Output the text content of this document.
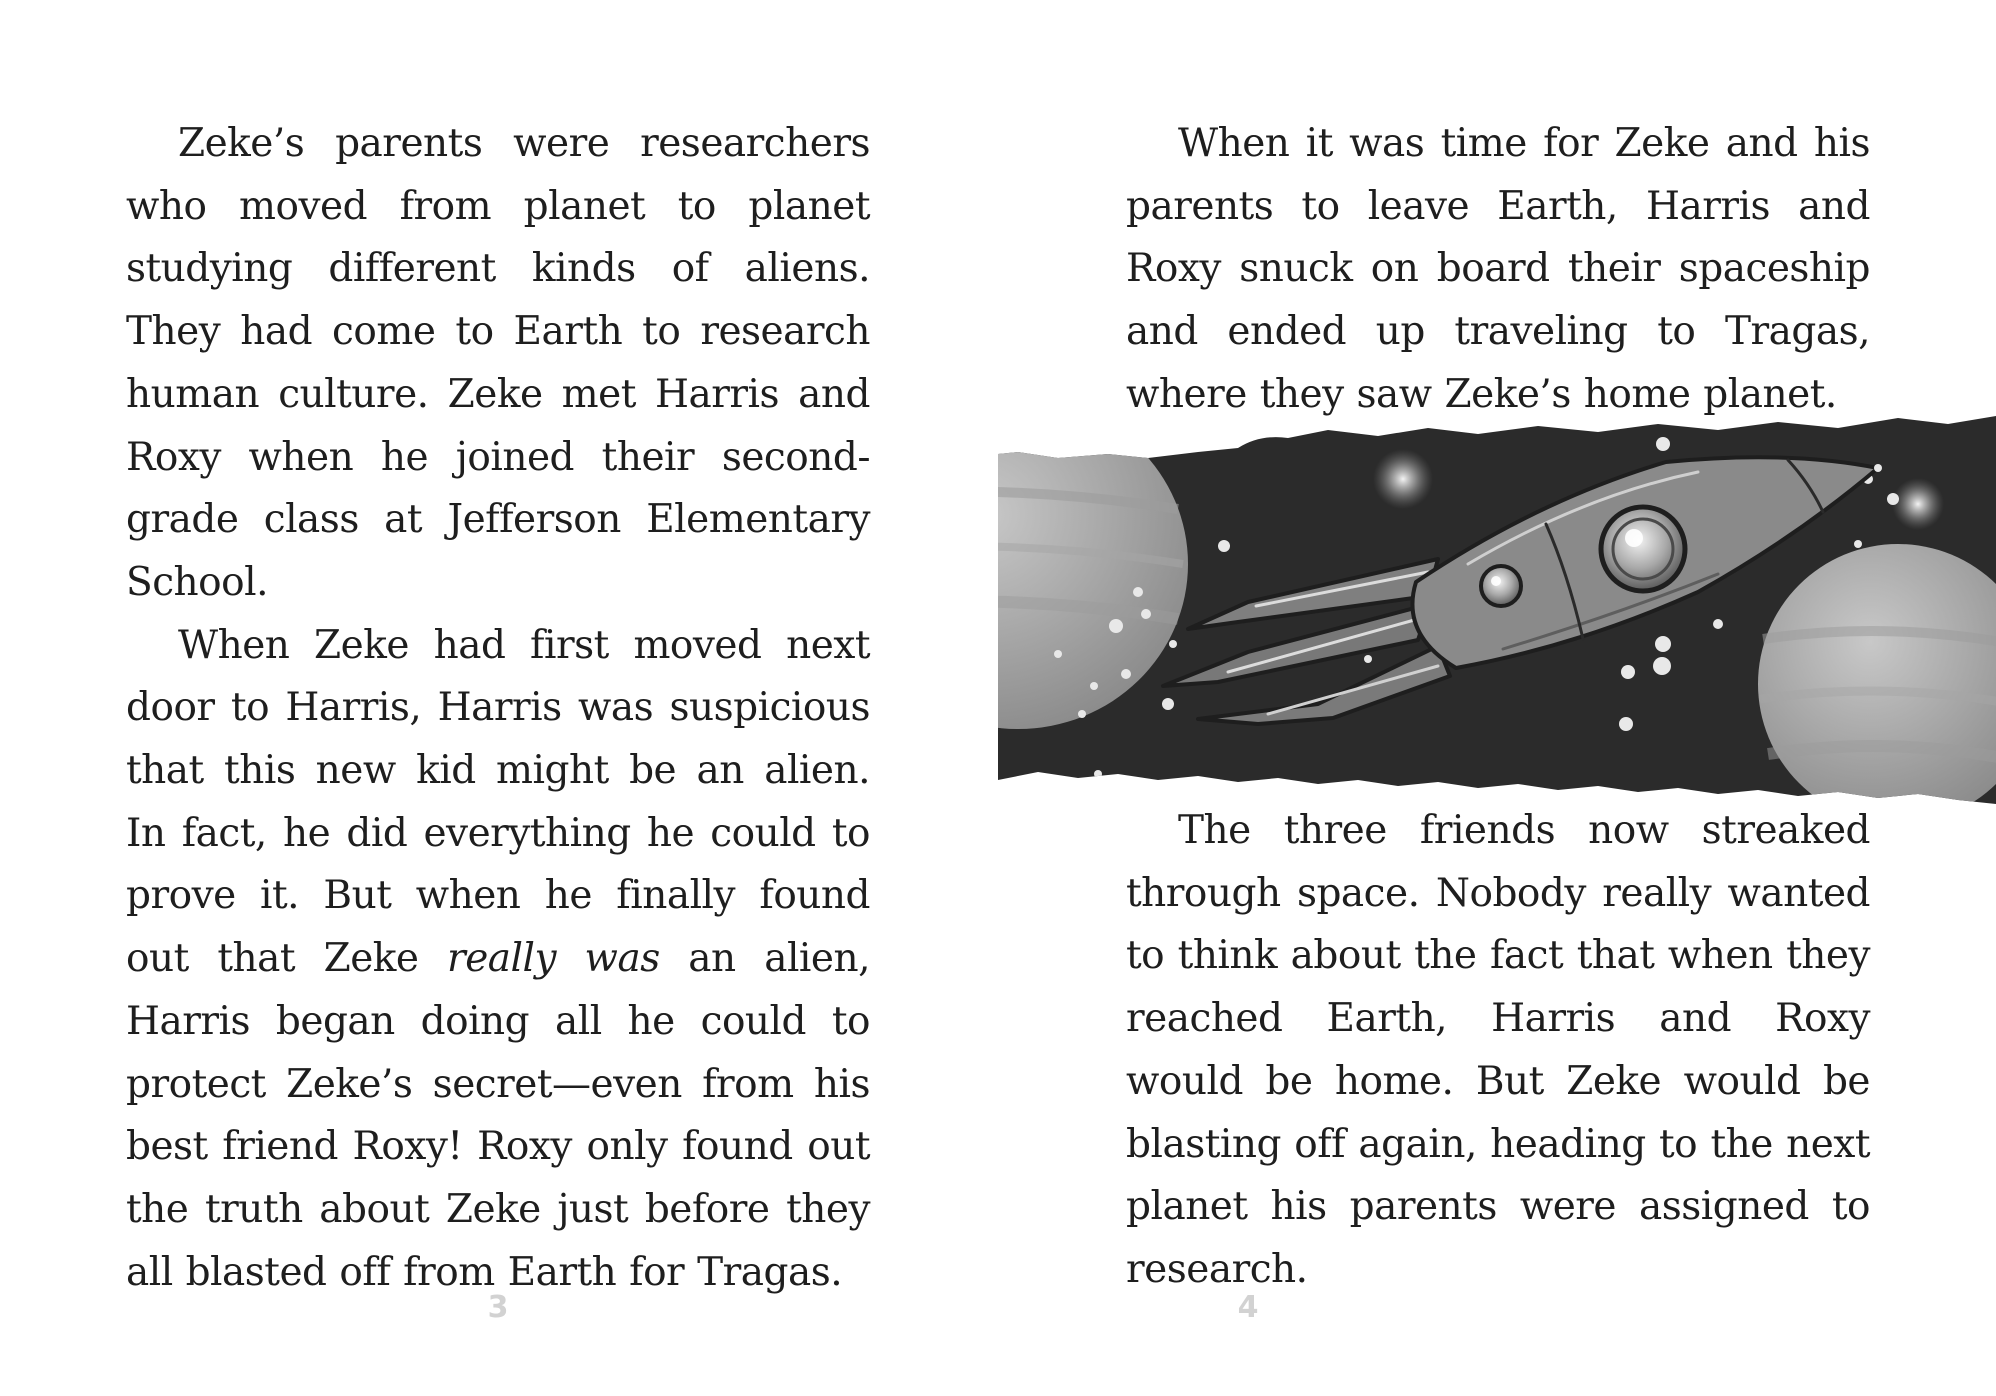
Zeke’s parents were researchers who moved from planet to planet studying different kinds of aliens. They had come to Earth to research human culture. Zeke met Harris and Roxy when he joined their second-grade class at Jefferson Elementary School.

When Zeke had first moved next door to Harris, Harris was suspicious that this new kid might be an alien. In fact, he did everything he could to prove it. But when he finally found out that Zeke really was an alien, Harris began doing all he could to protect Zeke’s secret—even from his best friend Roxy! Roxy only found out the truth about Zeke just before they all blasted off from Earth for Tragas.

3

When it was time for Zeke and his parents to leave Earth, Harris and Roxy snuck on board their spaceship and ended up traveling to Tragas, where they saw Zeke’s home planet.

The three friends now streaked through space. Nobody really wanted to think about the fact that when they reached Earth, Harris and Roxy would be home. But Zeke would be blasting off again, heading to the next planet his parents were assigned to research.

4
